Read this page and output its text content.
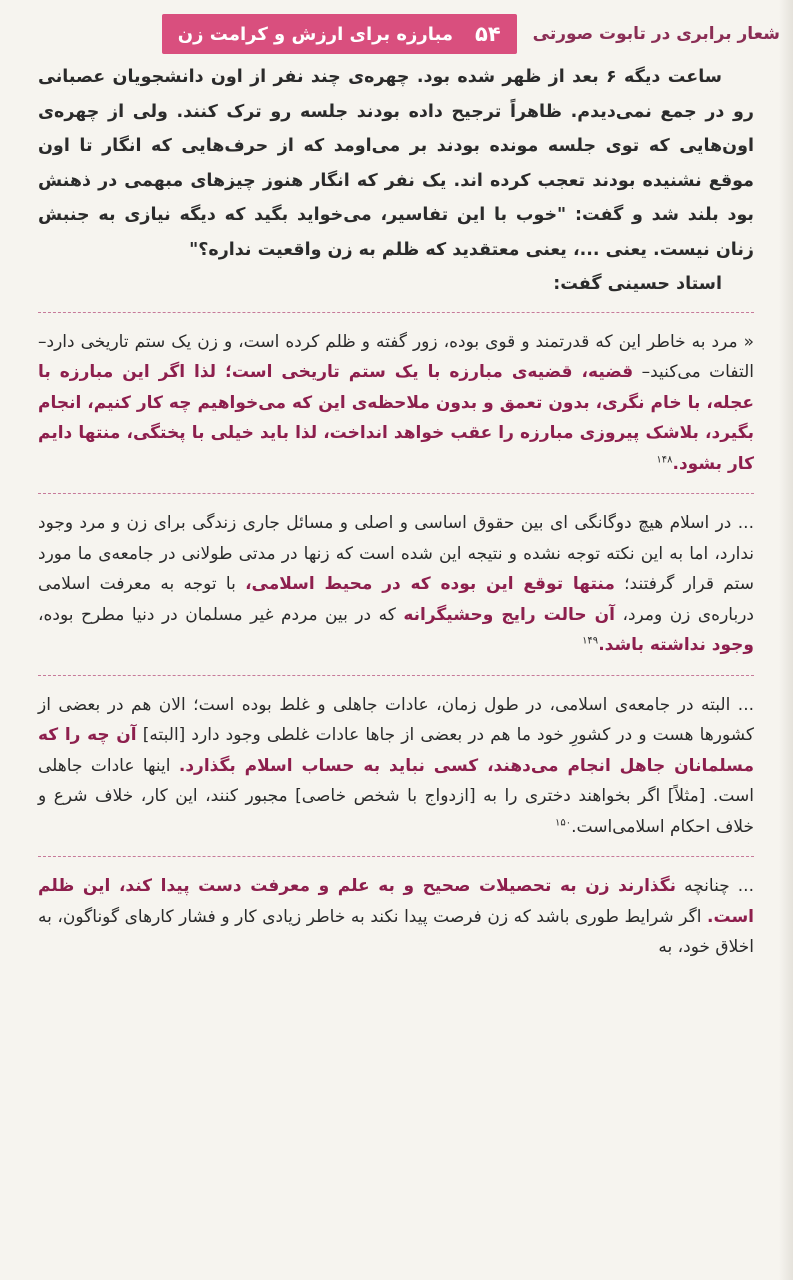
شعار برابری در تابوت صورتی
۵۴
مبارزه برای ارزش و کرامت زن

ساعت دیگه ۶ بعد از ظهر شده بود. چهره‌ی چند نفر از اون دانشجویان عصبانی رو در جمع نمی‌دیدم. ظاهراً ترجیح داده بودند جلسه رو ترک کنند. ولی از چهره‌ی اون‌هایی که توی جلسه مونده بودند بر می‌اومد که از حرف‌هایی که انگار تا اون موقع نشنیده بودند تعجب کرده اند. یک نفر که انگار هنوز چیزهای مبهمی در ذهنش بود بلند شد و گفت: "خوب با این تفاسیر، می‌خواید بگید که دیگه نیازی به جنبش زنان نیست. یعنی ...، یعنی معتقدید که ظلم به زن واقعیت نداره؟"

استاد حسینی گفت:

« مرد به خاطر این که قدرتمند و قوی بوده، زور گفته و ظلم کرده است، و زن یک ستم تاریخی دارد– التفات می‌کنید– قضیه، قضیه‌ی مبارزه با یک ستم تاریخی است؛ لذا اگر این مبارزه با عجله، با خام نگری، بدون تعمق و بدون ملاحظه‌ی این که می‌خواهیم چه کار کنیم، انجام بگیرد، بلاشک پیروزی مبارزه را عقب خواهد انداخت، لذا باید خیلی با پختگی، منتها دایم کار بشود.$^{۱۴۸}$

... در اسلام هیچ دوگانگی ای بین حقوق اساسی و اصلی و مسائل جاری زندگی برای زن و مرد وجود ندارد، اما به این نکته توجه نشده و نتیجه این شده است که زنها در مدتی طولانی در جامعه‌ی ما مورد ستم قرار گرفتند؛ منتها توقع این بوده که در محیط اسلامی، با توجه به معرفت اسلامی درباره‌ی زن ومرد، آن حالت رایج وحشیگرانه که در بین مردم غیر مسلمان در دنیا مطرح بوده، وجود نداشته باشد.$^{۱۴۹}$

... البته در جامعه‌ی اسلامی، در طول زمان، عادات جاهلی و غلط بوده است؛ الان هم در بعضی از کشورها هست و در کشورِ خود ما هم در بعضی از جاها عادات غلطی وجود دارد [البته] آن چه را که مسلمانان جاهل انجام می‌دهند، کسی نباید به حساب اسلام بگذارد. اینها عادات جاهلی است. [مثلاً] اگر بخواهند دختری را به [ازدواج با شخص خاصی] مجبور کنند، این کار، خلاف شرع و خلاف احکام اسلامی‌است.$^{۱۵۰}$

... چنانچه نگذارند زن به تحصیلات صحیح و به علم و معرفت دست پیدا کند، این ظلم است. اگر شرایط طوری باشد که زن فرصت پیدا نکند به خاطر زیادی کار و فشار کارهای گوناگون، به اخلاق خود، به
